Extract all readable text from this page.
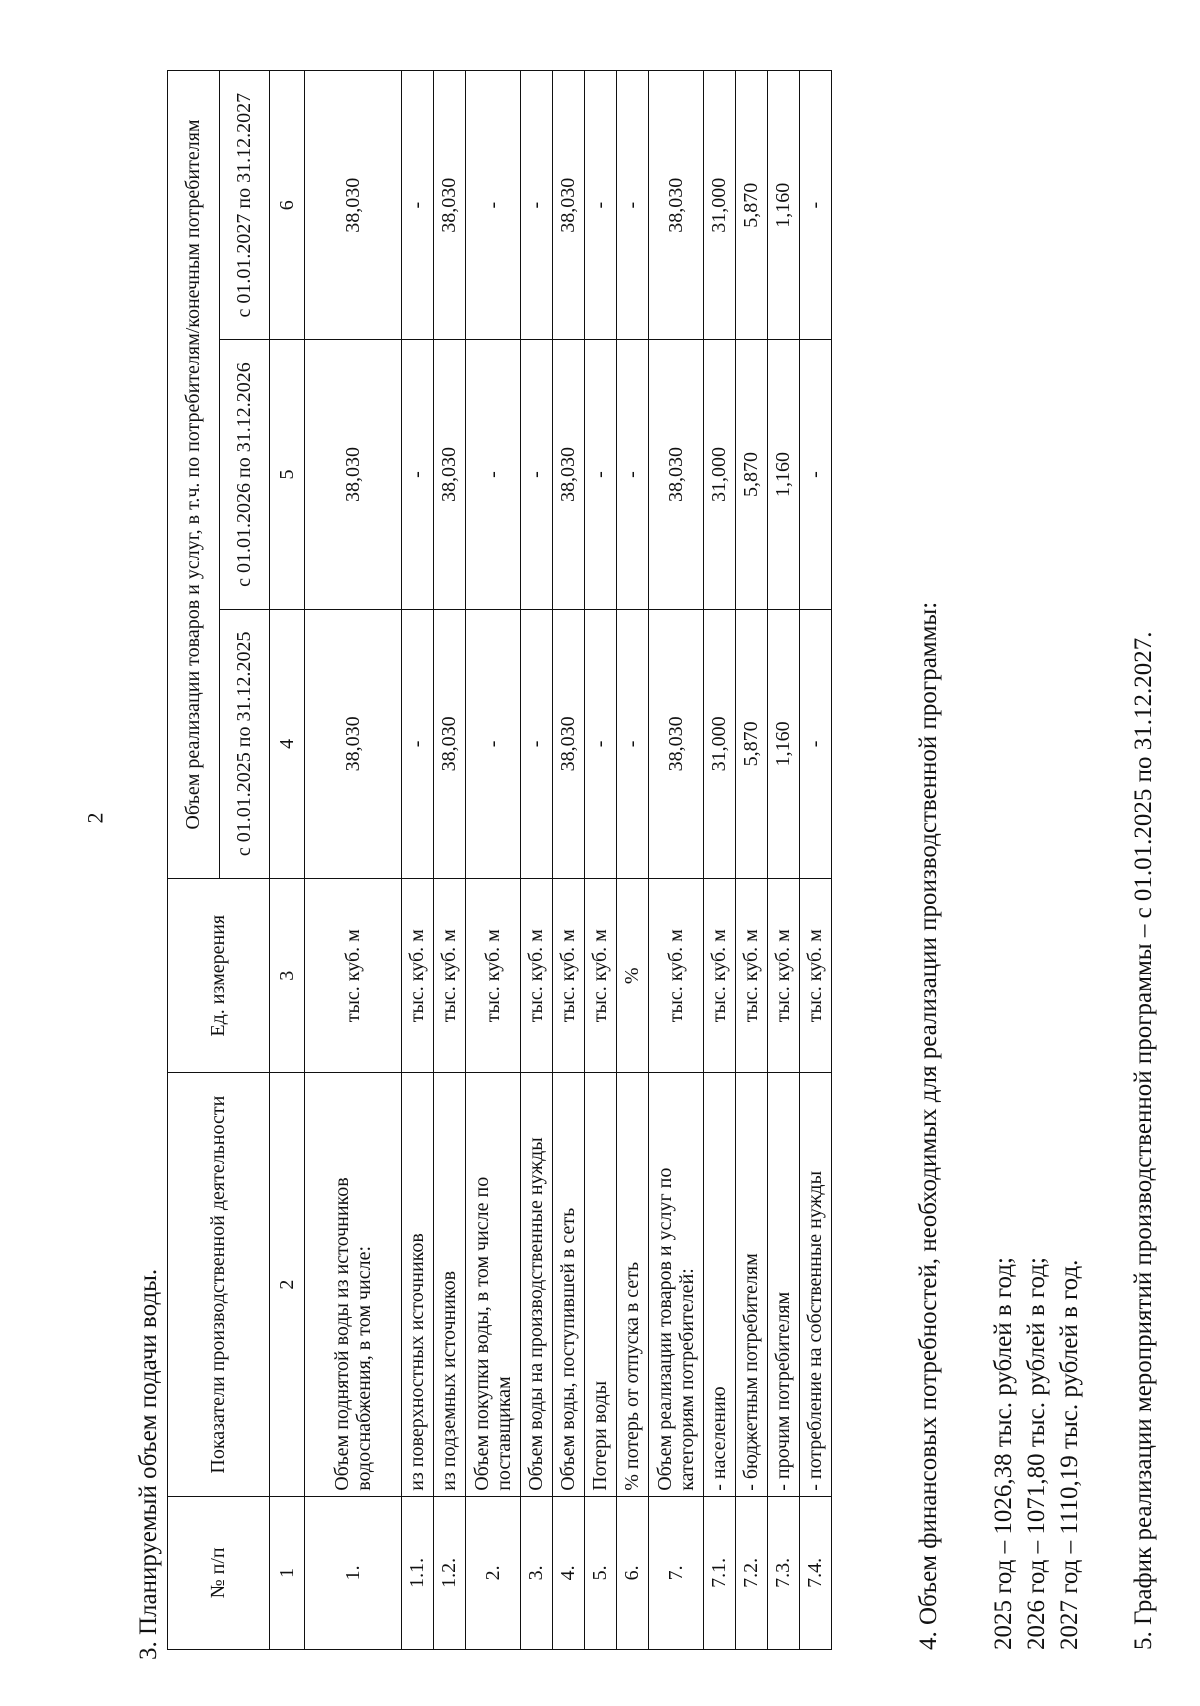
2
3. Планируемый объем подачи воды. № п/п	Показатели производственной деятельности	Ед. измерения	Объем реализации товаров и услуг, в т.ч. по потребителям/конечным потребителям		
			с 01.01.2025 по 31.12.2025	с 01.01.2026 по 31.12.2026	с 01.01.2027 по 31.12.2027
1	2	3	4	5	6
1.	Объем поднятой воды из источников водоснабжения, в том числе:	тыс. куб. м	38,030	38,030	38,030
1.1.	из поверхностных источников	тыс. куб. м	-	-	-
1.2.	из подземных источников	тыс. куб. м	38,030	38,030	38,030
2.	Объем покупки воды, в том числе по поставщикам	тыс. куб. м	-	-	-
3.	Объем воды на производственные нужды	тыс. куб. м	-	-	-
4.	Объем воды, поступившей в сеть	тыс. куб. м	38,030	38,030	38,030
5.	Потери воды	тыс. куб. м	-	-	-
6.	% потерь от отпуска в сеть	%	-	-	-
7.	Объем реализации товаров и услуг по категориям потребителей:	тыс. куб. м	38,030	38,030	38,030
7.1.	- населению	тыс. куб. м	31,000	31,000	31,000
7.2.	- бюджетным потребителям	тыс. куб. м	5,870	5,870	5,870
7.3.	- прочим потребителям	тыс. куб. м	1,160	1,160	1,160
7.4.	- потребление на собственные нужды	тыс. куб. м	-	-	-
4. Объем финансовых потребностей, необходимых для реализации производственной программы: 2025 год – 1026,38 тыс. рублей в год; 2026 год – 1071,80 тыс. рублей в год; 2027 год – 1110,19 тыс. рублей в год. 5. График реализации мероприятий производственной программы – с 01.01.2025 по 31.12.2027.
